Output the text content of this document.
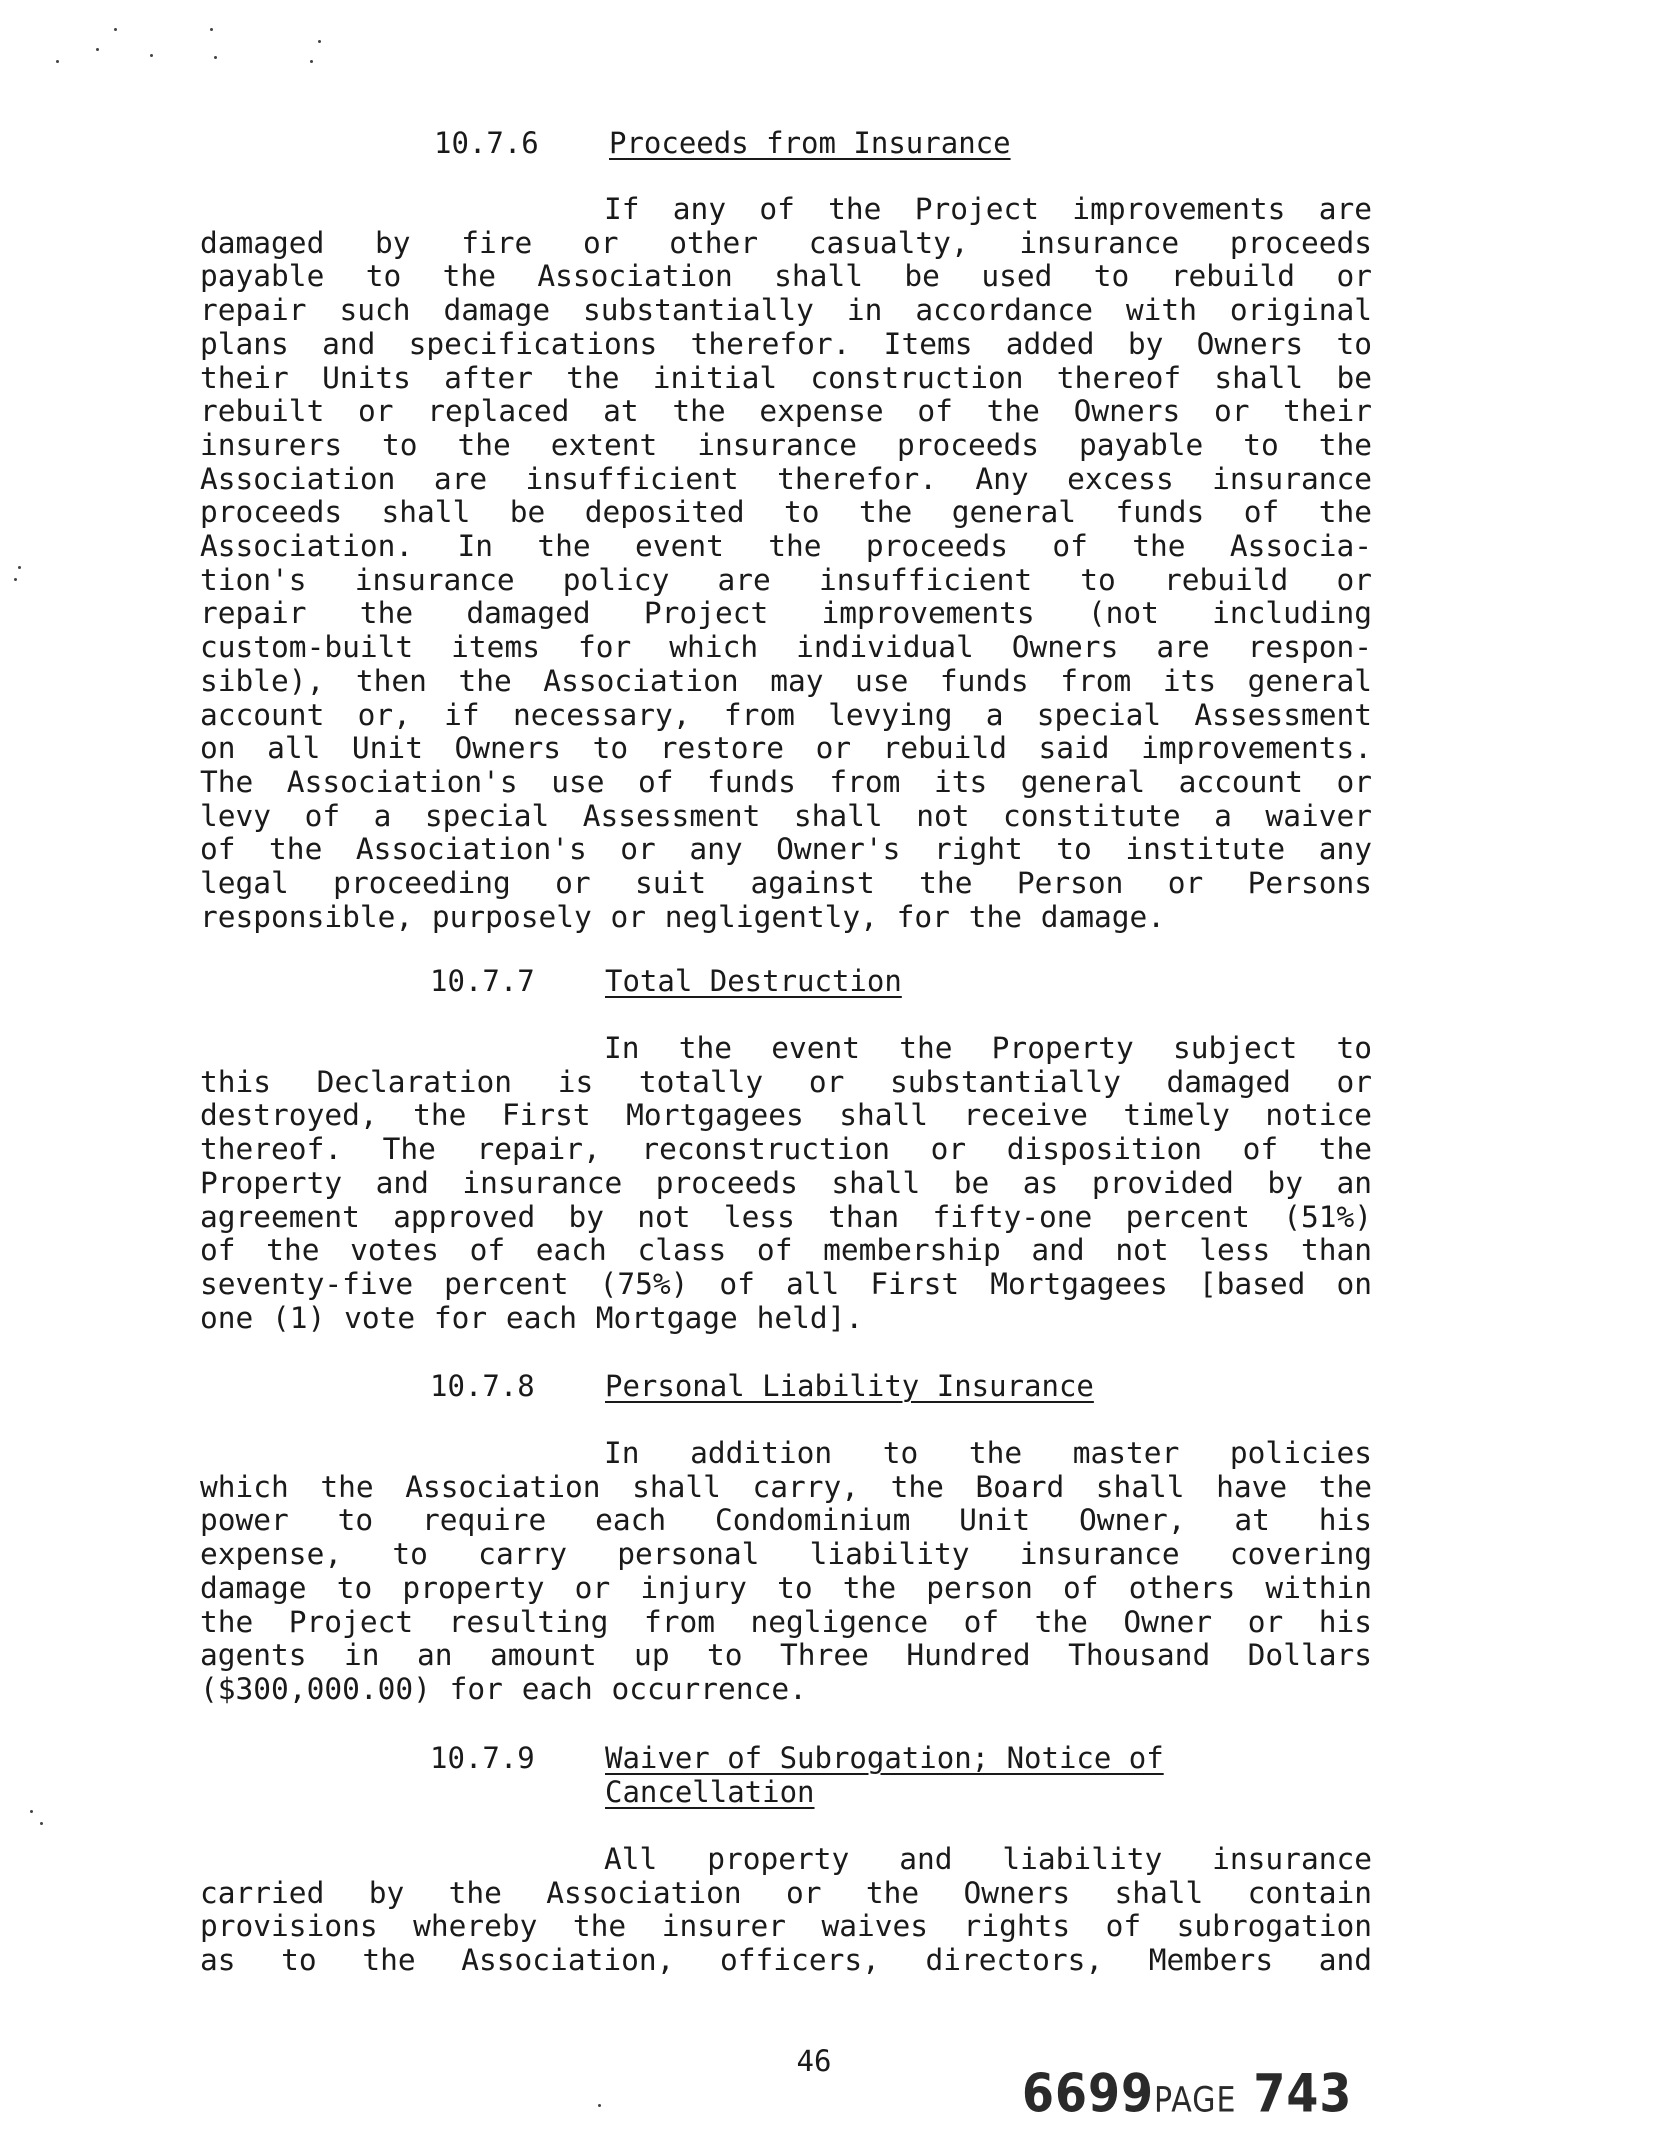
10.7.6 Proceeds from Insurance
If any of the Project improvements are
damaged by fire or other casualty, insurance proceeds
payable to the Association shall be used to rebuild or
repair such damage substantially in accordance with original
plans and specifications therefor. Items added by Owners to
their Units after the initial construction thereof shall be
rebuilt or replaced at the expense of the Owners or their
insurers to the extent insurance proceeds payable to the
Association are insufficient therefor. Any excess insurance
proceeds shall be deposited to the general funds of the
Association. In the event the proceeds of the Associa-
tion's insurance policy are insufficient to rebuild or
repair the damaged Project improvements (not including
custom-built items for which individual Owners are respon-
sible), then the Association may use funds from its general
account or, if necessary, from levying a special Assessment
on all Unit Owners to restore or rebuild said improvements.
The Association's use of funds from its general account or
levy of a special Assessment shall not constitute a waiver
of the Association's or any Owner's right to institute any
legal proceeding or suit against the Person or Persons
responsible, purposely or negligently, for the damage.
10.7.7 Total Destruction
In the event the Property subject to
this Declaration is totally or substantially damaged or
destroyed, the First Mortgagees shall receive timely notice
thereof. The repair, reconstruction or disposition of the
Property and insurance proceeds shall be as provided by an
agreement approved by not less than fifty-one percent (51%)
of the votes of each class of membership and not less than
seventy-five percent (75%) of all First Mortgagees [based on
one (1) vote for each Mortgage held].
10.7.8 Personal Liability Insurance
In addition to the master policies
which the Association shall carry, the Board shall have the
power to require each Condominium Unit Owner, at his
expense, to carry personal liability insurance covering
damage to property or injury to the person of others within
the Project resulting from negligence of the Owner or his
agents in an amount up to Three Hundred Thousand Dollars
($300,000.00) for each occurrence.
10.7.9 Waiver of Subrogation; Notice of
Cancellation
All property and liability insurance
carried by the Association or the Owners shall contain
provisions whereby the insurer waives rights of subrogation
as to the Association, officers, directors, Members and
46
6699PAGE 743
